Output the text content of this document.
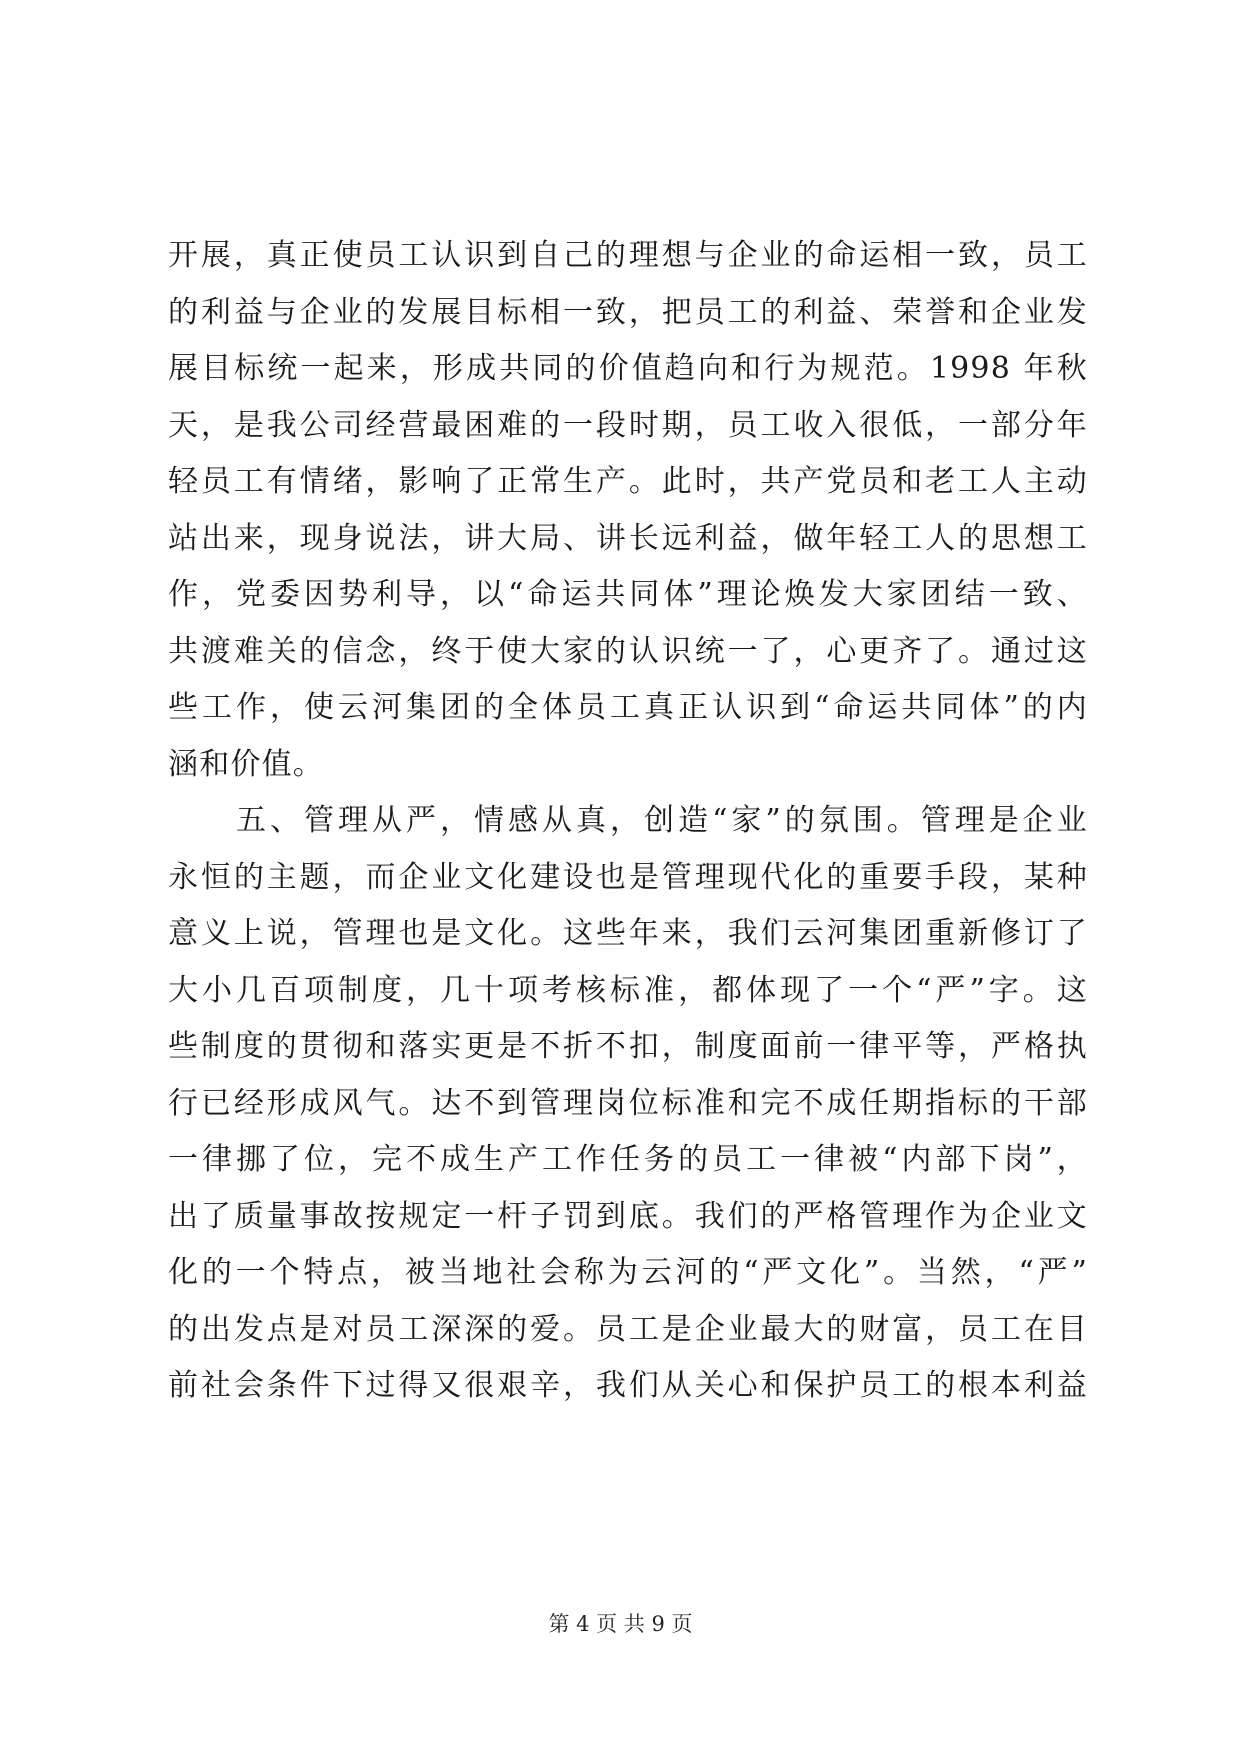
开展，真正使员工认识到自己的理想与企业的命运相一致，员工
的利益与企业的发展目标相一致，把员工的利益、荣誉和企业发
展目标统一起来，形成共同的价值趋向和行为规范。1998 年秋
天，是我公司经营最困难的一段时期，员工收入很低，一部分年
轻员工有情绪，影响了正常生产。此时，共产党员和老工人主动
站出来，现身说法，讲大局、讲长远利益，做年轻工人的思想工
作，党委因势利导，以“命运共同体”理论焕发大家团结一致、
共渡难关的信念，终于使大家的认识统一了，心更齐了。通过这
些工作，使云河集团的全体员工真正认识到“命运共同体”的内
涵和价值。
　　五、管理从严，情感从真，创造“家”的氛围。管理是企业
永恒的主题，而企业文化建设也是管理现代化的重要手段，某种
意义上说，管理也是文化。这些年来，我们云河集团重新修订了
大小几百项制度，几十项考核标准，都体现了一个“严”字。这
些制度的贯彻和落实更是不折不扣，制度面前一律平等，严格执
行已经形成风气。达不到管理岗位标准和完不成任期指标的干部
一律挪了位，完不成生产工作任务的员工一律被“内部下岗”，
出了质量事故按规定一杆子罚到底。我们的严格管理作为企业文
化的一个特点，被当地社会称为云河的“严文化”。当然，“严”
的出发点是对员工深深的爱。员工是企业最大的财富，员工在目
前社会条件下过得又很艰辛，我们从关心和保护员工的根本利益
第 4 页 共 9 页
